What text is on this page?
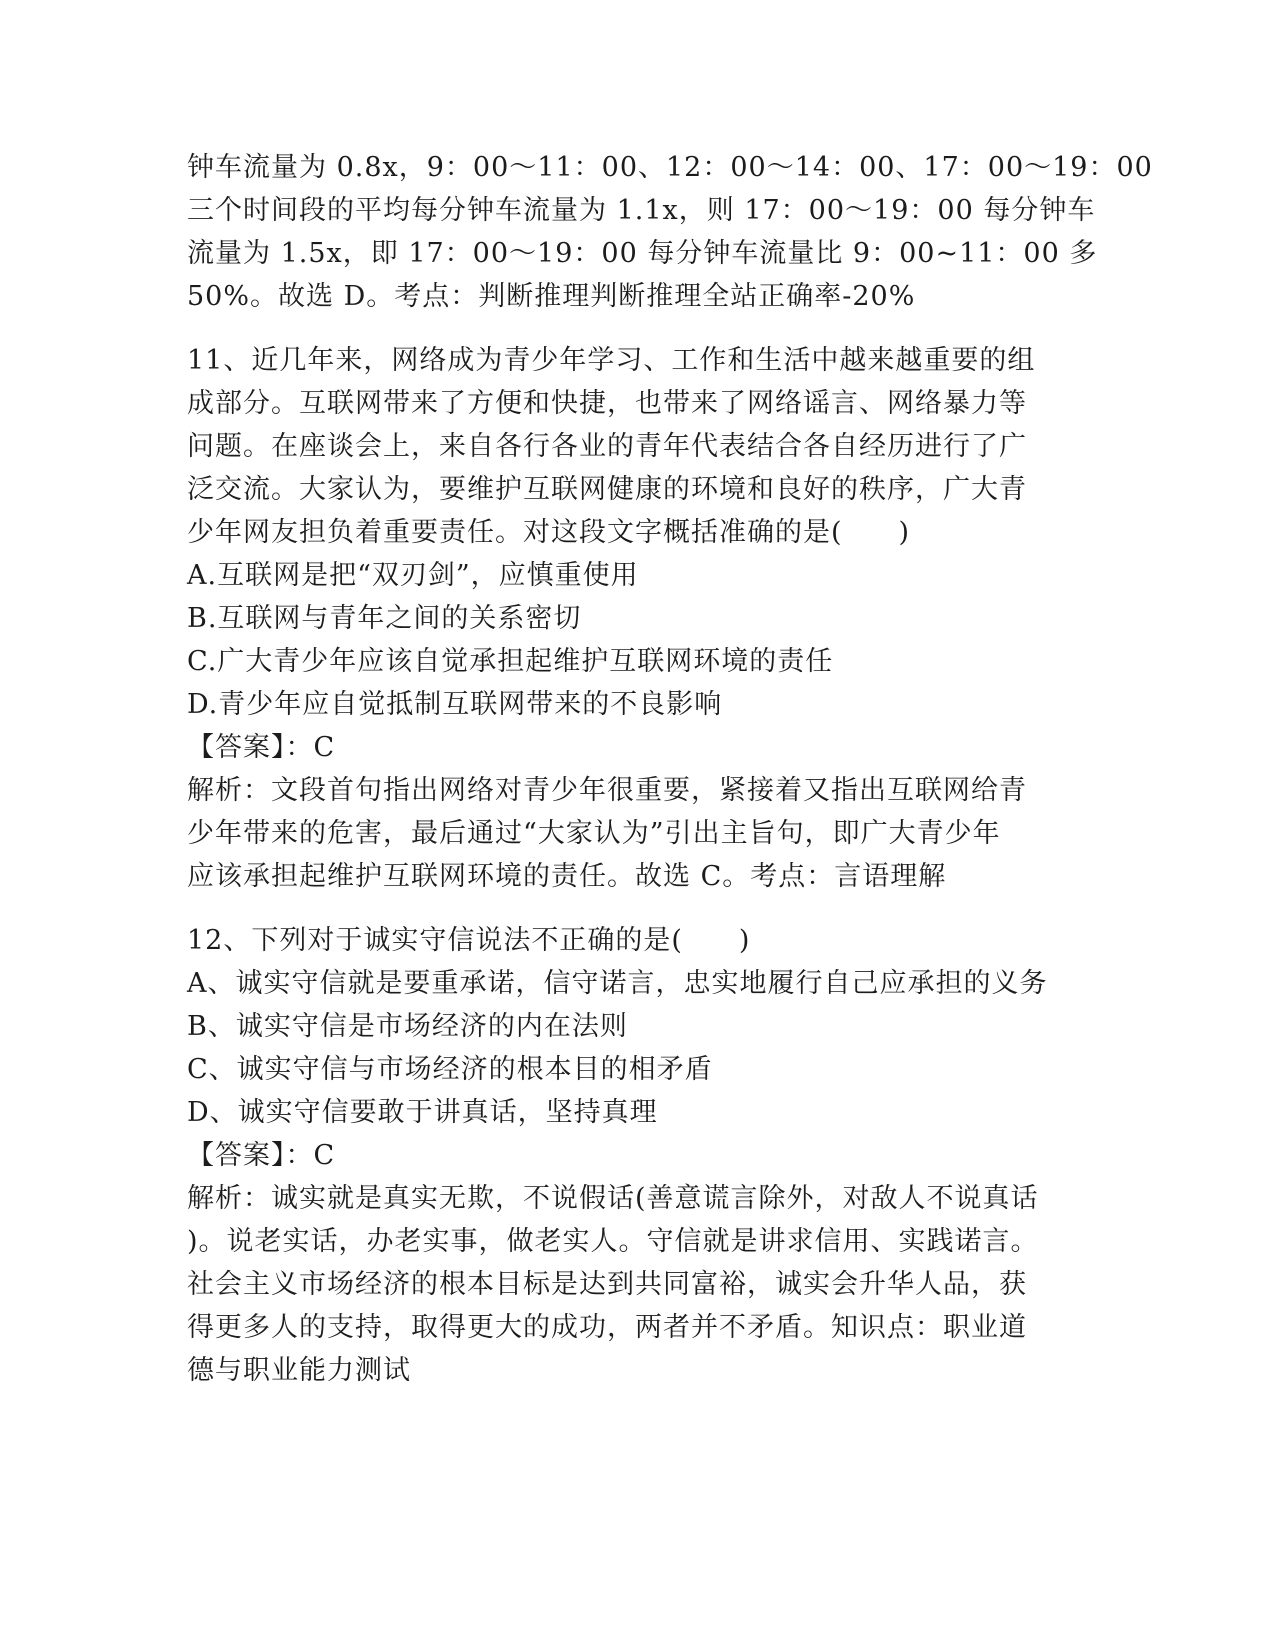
钟车流量为 0.8x，9：00～11：00、12：00～14：00、17：00～19：00
三个时间段的平均每分钟车流量为 1.1x，则 17：00～19：00 每分钟车
流量为 1.5x，即 17：00～19：00 每分钟车流量比 9：00~11：00 多
50%。故选 D。考点：判断推理判断推理全站正确率-20%
11、近几年来，网络成为青少年学习、工作和生活中越来越重要的组
成部分。互联网带来了方便和快捷，也带来了网络谣言、网络暴力等
问题。在座谈会上，来自各行各业的青年代表结合各自经历进行了广
泛交流。大家认为，要维护互联网健康的环境和良好的秩序，广大青
少年网友担负着重要责任。对这段文字概括准确的是(　　)
A.互联网是把“双刃剑”，应慎重使用
B.互联网与青年之间的关系密切
C.广大青少年应该自觉承担起维护互联网环境的责任
D.青少年应自觉抵制互联网带来的不良影响
【答案】：C
解析：文段首句指出网络对青少年很重要，紧接着又指出互联网给青
少年带来的危害，最后通过“大家认为”引出主旨句，即广大青少年
应该承担起维护互联网环境的责任。故选 C。考点：言语理解
12、下列对于诚实守信说法不正确的是(　　)
A、诚实守信就是要重承诺，信守诺言，忠实地履行自己应承担的义务
B、诚实守信是市场经济的内在法则
C、诚实守信与市场经济的根本目的相矛盾
D、诚实守信要敢于讲真话，坚持真理
【答案】：C
解析：诚实就是真实无欺，不说假话(善意谎言除外，对敌人不说真话
)。说老实话，办老实事，做老实人。守信就是讲求信用、实践诺言。
社会主义市场经济的根本目标是达到共同富裕，诚实会升华人品，获
得更多人的支持，取得更大的成功，两者并不矛盾。知识点：职业道
德与职业能力测试
